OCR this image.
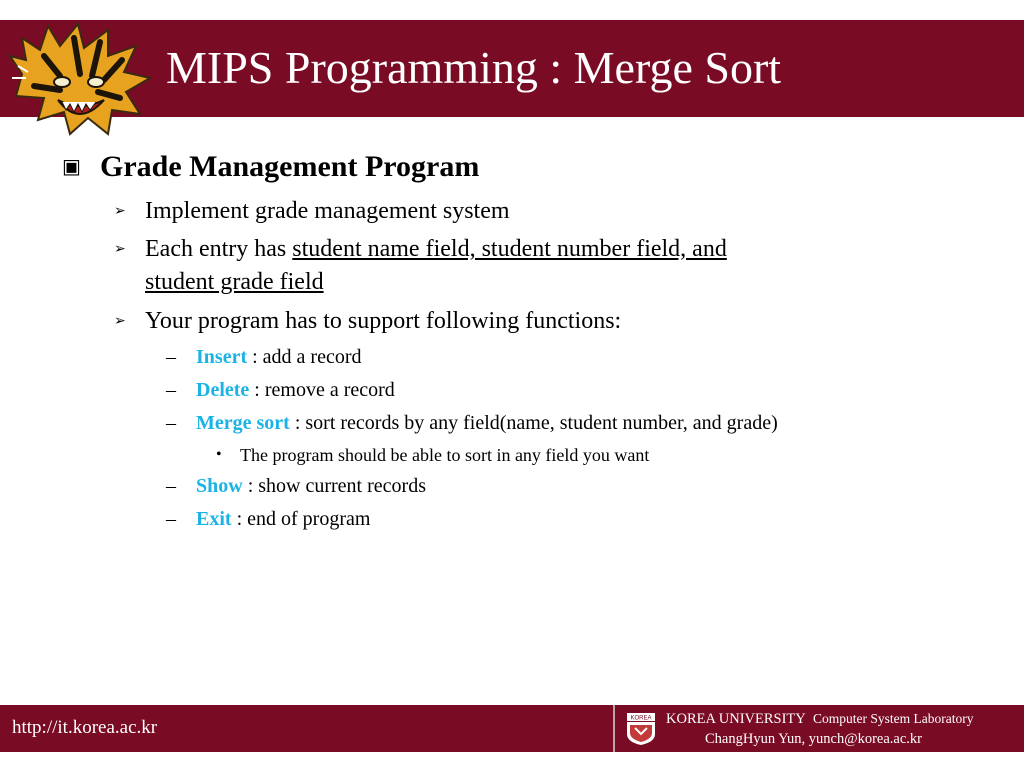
MIPS Programming : Merge Sort
▣ Grade Management Program
➢ Implement grade management system
➢ Each entry has student name field, student number field, and
student grade field
➢ Your program has to support following functions:
– Insert : add a record
– Delete : remove a record
– Merge sort : sort records by any field(name, student number, and grade)
• The program should be able to sort in any field you want
– Show : show current records
– Exit : end of program
http://it.korea.ac.kr	KOREA KOREA UNIVERSITY Computer System Laboratory
ChangHyun Yun, yunch@korea.ac.kr
